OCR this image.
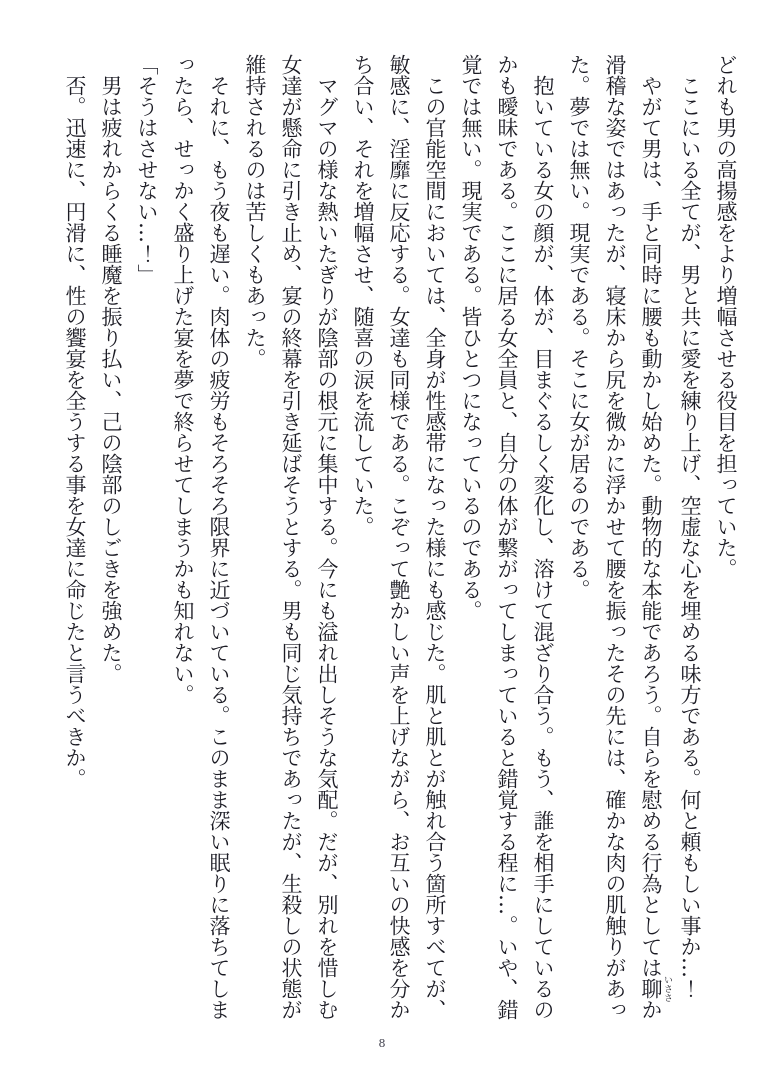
どれも男の高揚感をより増幅させる役目を担っていた。

ここにいる全てが、男と共に愛を練り上げ、空虚な心を埋める味方である。何と頼もしい事か…！

やがて男は、手と同時に腰も動かし始めた。動物的な本能であろう。自らを慰める行為としては聊 いささか滑稽な姿ではあったが、寝床から尻を微かに浮かせて腰を振ったその先には、確かな肉の肌触りがあった。夢では無い。現実である。そこに女が居るのである。

抱いている女の顔が、体が、目まぐるしく変化し、溶けて混ざり合う。もう、誰を相手にしているのかも曖昧である。ここに居る女全員と、自分の体が繋がってしまっていると錯覚する程に…。いや、錯覚では無い。現実である。皆ひとつになっているのである。

この官能空間においては、全身が性感帯になった様にも感じた。肌と肌とが触れ合う箇所すべてが、敏感に、淫靡に反応する。女達も同様である。こぞって艶かしい声を上げながら、お互いの快感を分かち合い、それを増幅させ、随喜の涙を流していた。

マグマの様な熱いたぎりが陰部の根元に集中する。今にも溢れ出しそうな気配。だが、別れを惜しむ女達が懸命に引き止め、宴の終幕を引き延ばそうとする。男も同じ気持ちであったが、生殺しの状態が維持されるのは苦しくもあった。

それに、もう夜も遅い。肉体の疲労もそろそろ限界に近づいている。このまま深い眠りに落ちてしまったら、せっかく盛り上げた宴を夢で終らせてしまうかも知れない。

「そうはさせない…！」

男は疲れからくる睡魔を振り払い、己の陰部のしごきを強めた。

否。迅速に、円滑に、性の饗宴を全うする事を女達に命じたと言うべきか。

8
